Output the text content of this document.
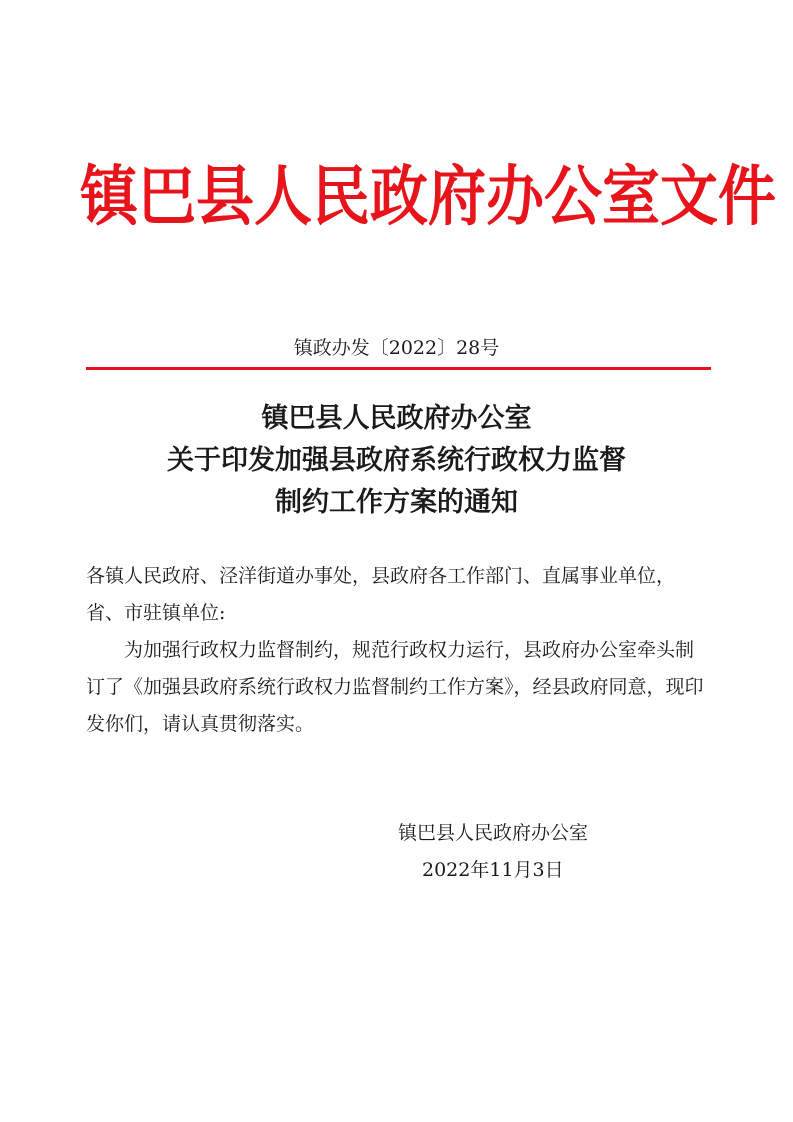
镇巴县人民政府办公室文件
镇政办发〔2022〕28号
镇巴县人民政府办公室
关于印发加强县政府系统行政权力监督
制约工作方案的通知

各镇人民政府、泾洋街道办事处，县政府各工作部门、直属事业单位，省、市驻镇单位:

为加强行政权力监督制约，规范行政权力运行，县政府办公室牵头制订了《加强县政府系统行政权力监督制约工作方案》，经县政府同意，现印发你们，请认真贯彻落实。

镇巴县人民政府办公室
2022年11月3日
